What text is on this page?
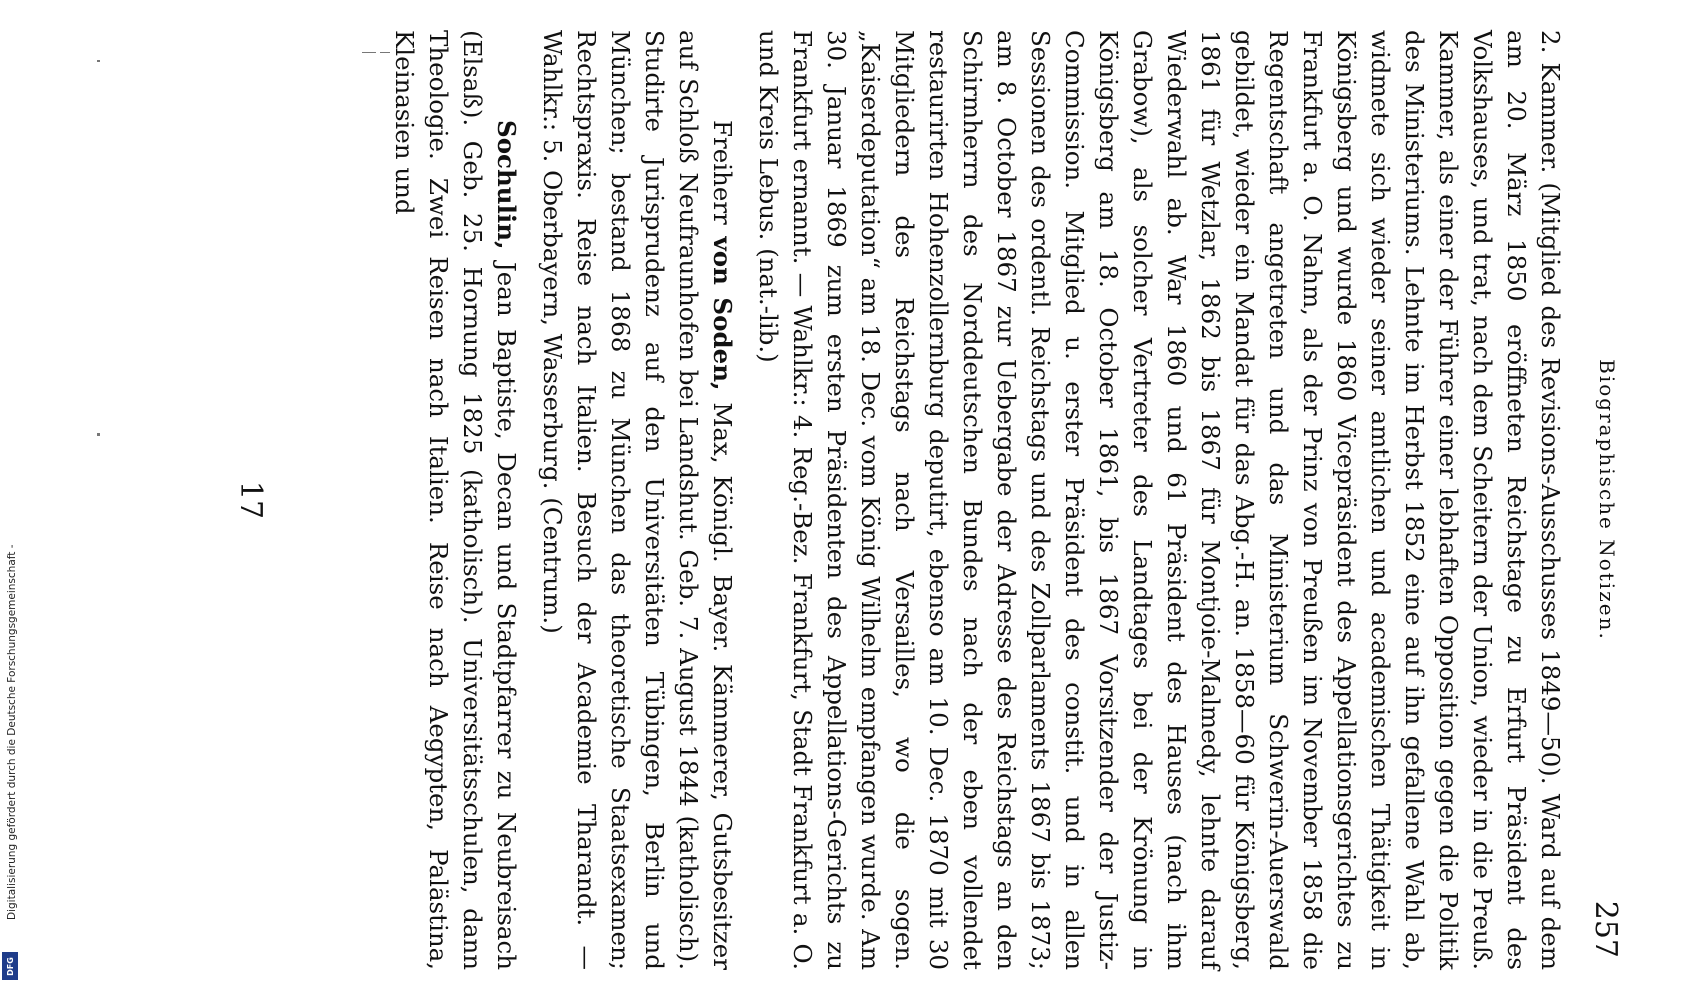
Biographische Notizen.
257

2. Kammer. (Mitglied des Revisions-Ausschusses 1849—50). Ward auf dem am 20. März 1850 eröffneten Reichstage zu Erfurt Präsident des Volkshauses, und trat, nach dem Scheitern der Union, wieder in die Preuß. Kammer, als einer der Führer einer lebhaften Opposition gegen die Politik des Ministeriums. Lehnte im Herbst 1852 eine auf ihn gefallene Wahl ab, widmete sich wieder seiner amtlichen und academischen Thätigkeit in Königsberg und wurde 1860 Vicepräsident des Appellationsgerichtes zu Frankfurt a. O. Nahm, als der Prinz von Preußen im November 1858 die Regentschaft angetreten und das Ministerium Schwerin-Auerswald gebildet, wieder ein Mandat für das Abg.-H. an. 1858—60 für Königsberg, 1861 für Wetzlar, 1862 bis 1867 für Montjoie-Malmedy, lehnte darauf Wiederwahl ab. War 1860 und 61 Präsident des Hauses (nach ihm Grabow), als solcher Vertreter des Landtages bei der Krönung in Königsberg am 18. October 1861, bis 1867 Vorsitzender der Justiz-Commission. Mitglied u. erster Präsident des constit. und in allen Sessionen des ordentl. Reichstags und des Zollparlaments 1867 bis 1873; am 8. October 1867 zur Uebergabe der Adresse des Reichstags an den Schirmherrn des Norddeutschen Bundes nach der eben vollendet restaurirten Hohenzollernburg deputirt, ebenso am 10. Dec. 1870 mit 30 Mitgliedern des Reichstags nach Versailles, wo die sogen. „Kaiserdeputation“ am 18. Dec. vom König Wilhelm empfangen wurde. Am 30. Januar 1869 zum ersten Präsidenten des Appellations-Gerichts zu Frankfurt ernannt. — Wahlkr.: 4. Reg.-Bez. Frankfurt, Stadt Frankfurt a. O. und Kreis Lebus. (nat.-lib.)

Freiherr von Soden, Max, Königl. Bayer. Kämmerer, Gutsbesitzer auf Schloß Neufraunhofen bei Landshut. Geb. 7. August 1844 (katholisch). Studirte Jurisprudenz auf den Universitäten Tübingen, Berlin und München; bestand 1868 zu München das theoretische Staatsexamen; Rechtspraxis. Reise nach Italien. Besuch der Academie Tharandt. — Wahlkr.: 5. Oberbayern, Wasserburg. (Centrum.)

Sochulin, Jean Baptiste, Decan und Stadtpfarrer zu Neubreisach (Elsaß). Geb. 25. Hornung 1825 (katholisch). Universitätsschulen, dann Theologie. Zwei Reisen nach Italien. Reise nach Aegypten, Palästina, Kleinasien und

17
Digitalisierung gefördert durch die Deutsche Forschungsgemeinschaft -
DFG
